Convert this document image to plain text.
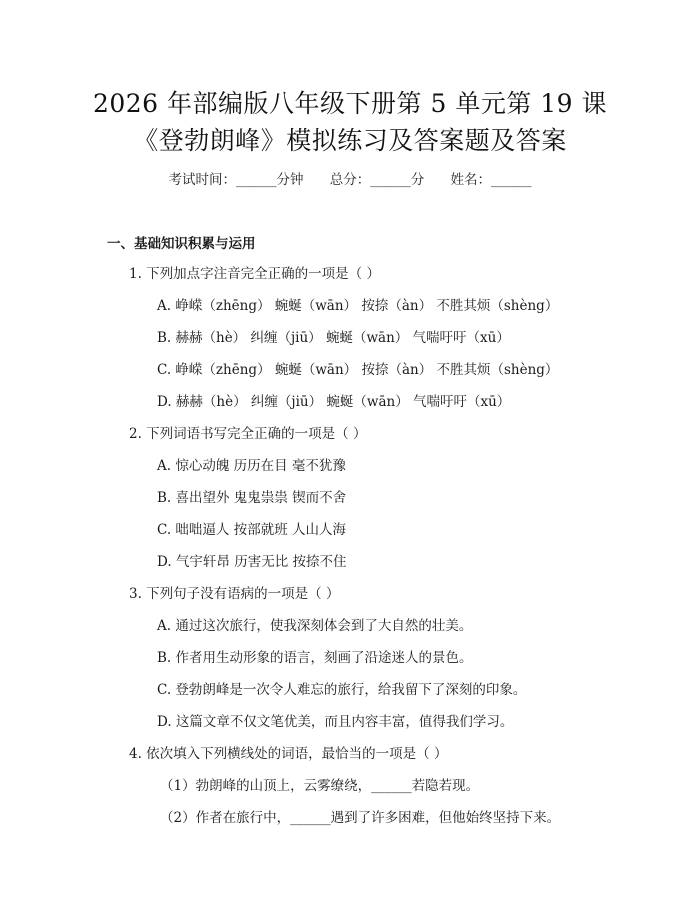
2026 年部编版八年级下册第 5 单元第 19 课
《登勃朗峰》模拟练习及答案题及答案
考试时间：______分钟 总分：______分 姓名：______
一、基础知识积累与运用
1. 下列加点字注音完全正确的一项是（ ）
A. 峥嵘（zhēng） 蜿蜒（wān） 按捺（àn） 不胜其烦（shèng）
B. 赫赫（hè） 纠缠（jiū） 蜿蜒（wān） 气喘吁吁（xū）
C. 峥嵘（zhēng） 蜿蜒（wān） 按捺（àn） 不胜其烦（shèng）
D. 赫赫（hè） 纠缠（jiū） 蜿蜒（wān） 气喘吁吁（xū）
2. 下列词语书写完全正确的一项是（ ）
A. 惊心动魄 历历在目 毫不犹豫
B. 喜出望外 鬼鬼祟祟 锲而不舍
C. 咄咄逼人 按部就班 人山人海
D. 气宇轩昂 历害无比 按捺不住
3. 下列句子没有语病的一项是（ ）
A. 通过这次旅行，使我深刻体会到了大自然的壮美。
B. 作者用生动形象的语言，刻画了沿途迷人的景色。
C. 登勃朗峰是一次令人难忘的旅行，给我留下了深刻的印象。
D. 这篇文章不仅文笔优美，而且内容丰富，值得我们学习。
4. 依次填入下列横线处的词语，最恰当的一项是（ ）
（1）勃朗峰的山顶上，云雾缭绕，______若隐若现。
（2）作者在旅行中，______遇到了许多困难，但他始终坚持下来。
